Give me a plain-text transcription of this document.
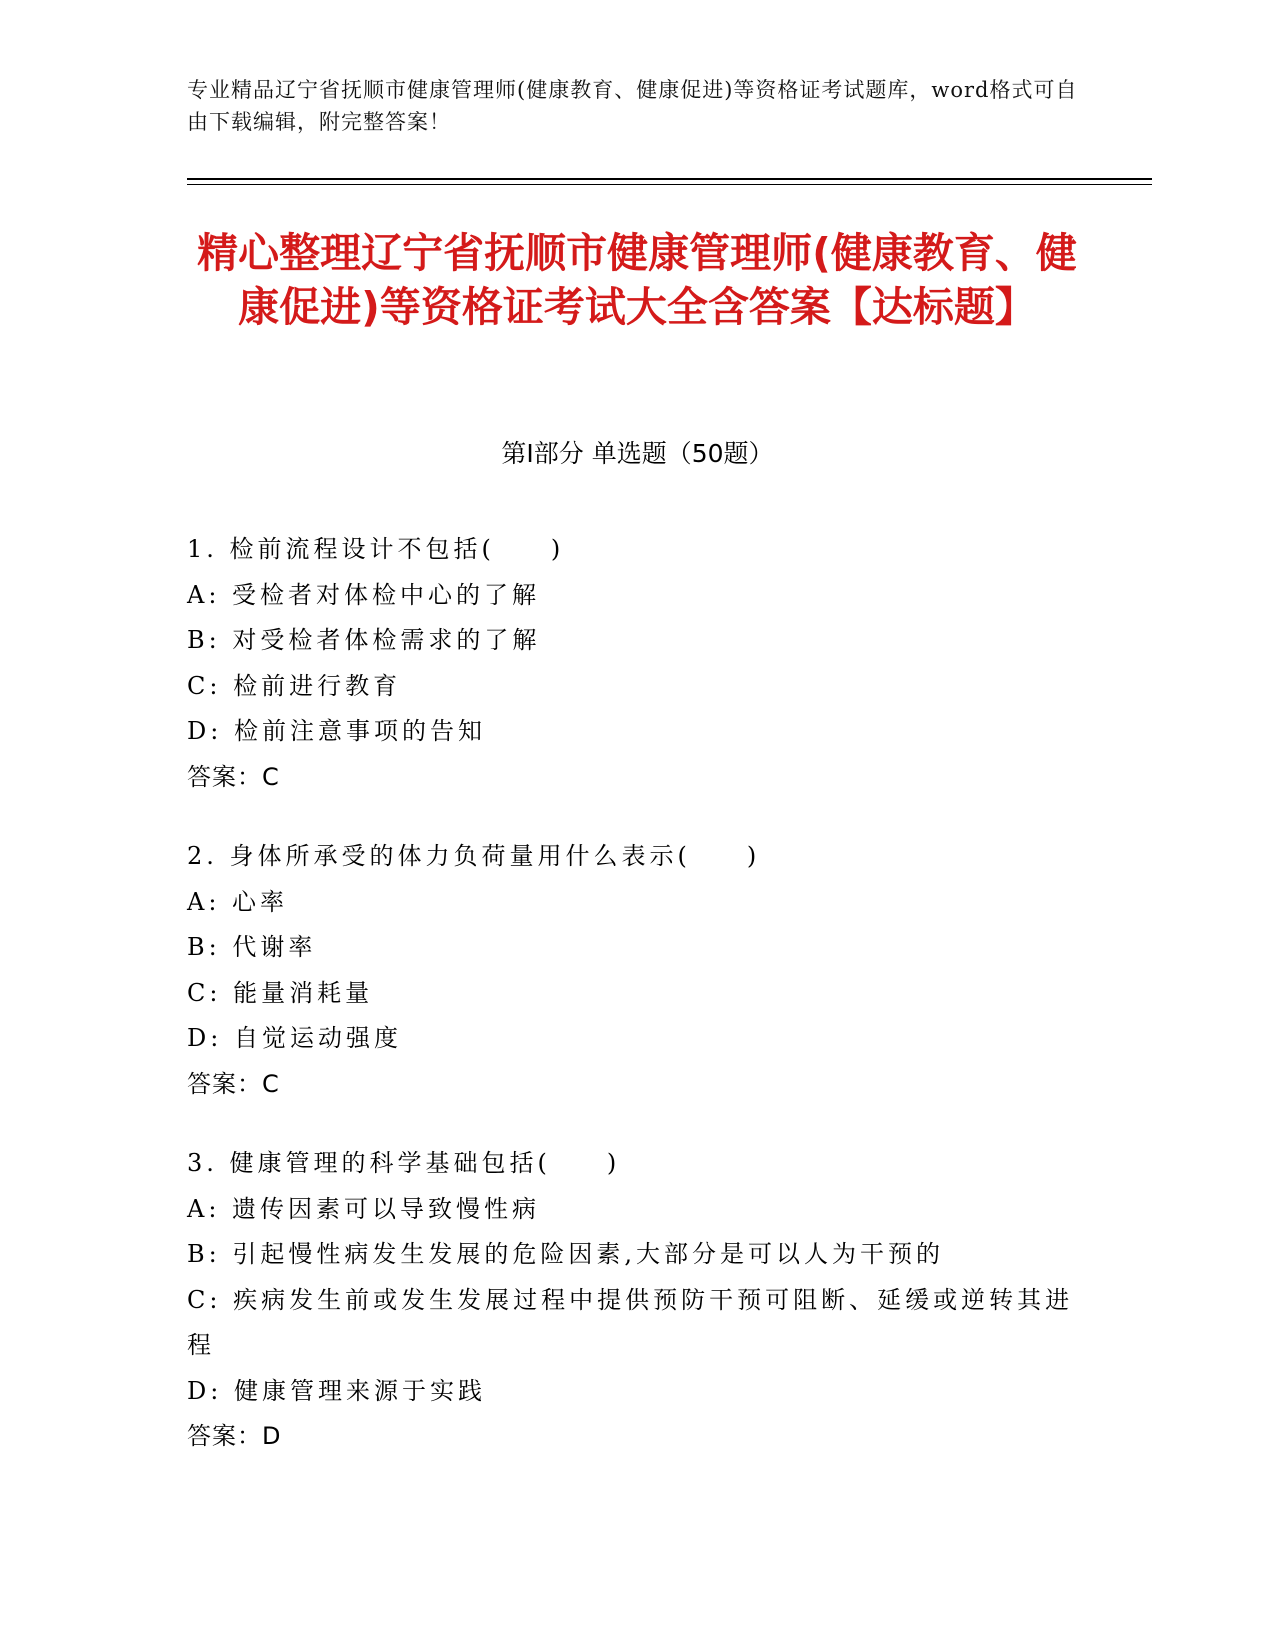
专业精品辽宁省抚顺市健康管理师(健康教育、健康促进)等资格证考试题库，word格式可自由下载编辑，附完整答案！
精心整理辽宁省抚顺市健康管理师(健康教育、健康促进)等资格证考试大全含答案【达标题】
第Ⅰ部分 单选题（50题）
1. 检前流程设计不包括(　　)
A: 受检者对体检中心的了解
B: 对受检者体检需求的了解
C: 检前进行教育
D: 检前注意事项的告知
答案：C
2. 身体所承受的体力负荷量用什么表示(　　)
A: 心率
B: 代谢率
C: 能量消耗量
D: 自觉运动强度
答案：C
3. 健康管理的科学基础包括(　　)
A: 遗传因素可以导致慢性病
B: 引起慢性病发生发展的危险因素,大部分是可以人为干预的
C: 疾病发生前或发生发展过程中提供预防干预可阻断、延缓或逆转其进程
D: 健康管理来源于实践
答案：D
